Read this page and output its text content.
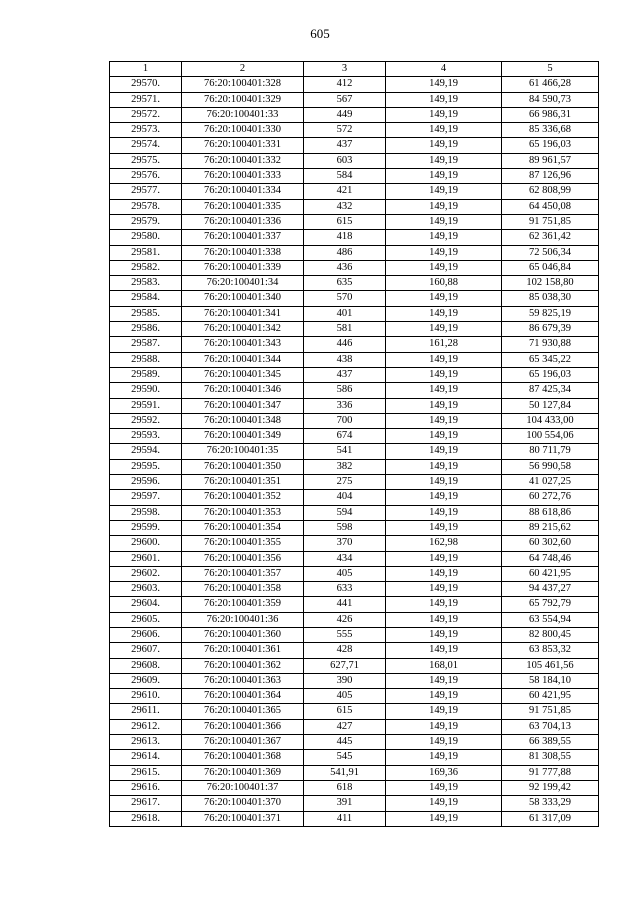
605
1	2	3	4	5
29570.	76:20:100401:328	412	149,19	61 466,28
29571.	76:20:100401:329	567	149,19	84 590,73
29572.	76:20:100401:33	449	149,19	66 986,31
29573.	76:20:100401:330	572	149,19	85 336,68
29574.	76:20:100401:331	437	149,19	65 196,03
29575.	76:20:100401:332	603	149,19	89 961,57
29576.	76:20:100401:333	584	149,19	87 126,96
29577.	76:20:100401:334	421	149,19	62 808,99
29578.	76:20:100401:335	432	149,19	64 450,08
29579.	76:20:100401:336	615	149,19	91 751,85
29580.	76:20:100401:337	418	149,19	62 361,42
29581.	76:20:100401:338	486	149,19	72 506,34
29582.	76:20:100401:339	436	149,19	65 046,84
29583.	76:20:100401:34	635	160,88	102 158,80
29584.	76:20:100401:340	570	149,19	85 038,30
29585.	76:20:100401:341	401	149,19	59 825,19
29586.	76:20:100401:342	581	149,19	86 679,39
29587.	76:20:100401:343	446	161,28	71 930,88
29588.	76:20:100401:344	438	149,19	65 345,22
29589.	76:20:100401:345	437	149,19	65 196,03
29590.	76:20:100401:346	586	149,19	87 425,34
29591.	76:20:100401:347	336	149,19	50 127,84
29592.	76:20:100401:348	700	149,19	104 433,00
29593.	76:20:100401:349	674	149,19	100 554,06
29594.	76:20:100401:35	541	149,19	80 711,79
29595.	76:20:100401:350	382	149,19	56 990,58
29596.	76:20:100401:351	275	149,19	41 027,25
29597.	76:20:100401:352	404	149,19	60 272,76
29598.	76:20:100401:353	594	149,19	88 618,86
29599.	76:20:100401:354	598	149,19	89 215,62
29600.	76:20:100401:355	370	162,98	60 302,60
29601.	76:20:100401:356	434	149,19	64 748,46
29602.	76:20:100401:357	405	149,19	60 421,95
29603.	76:20:100401:358	633	149,19	94 437,27
29604.	76:20:100401:359	441	149,19	65 792,79
29605.	76:20:100401:36	426	149,19	63 554,94
29606.	76:20:100401:360	555	149,19	82 800,45
29607.	76:20:100401:361	428	149,19	63 853,32
29608.	76:20:100401:362	627,71	168,01	105 461,56
29609.	76:20:100401:363	390	149,19	58 184,10
29610.	76:20:100401:364	405	149,19	60 421,95
29611.	76:20:100401:365	615	149,19	91 751,85
29612.	76:20:100401:366	427	149,19	63 704,13
29613.	76:20:100401:367	445	149,19	66 389,55
29614.	76:20:100401:368	545	149,19	81 308,55
29615.	76:20:100401:369	541,91	169,36	91 777,88
29616.	76:20:100401:37	618	149,19	92 199,42
29617.	76:20:100401:370	391	149,19	58 333,29
29618.	76:20:100401:371	411	149,19	61 317,09
